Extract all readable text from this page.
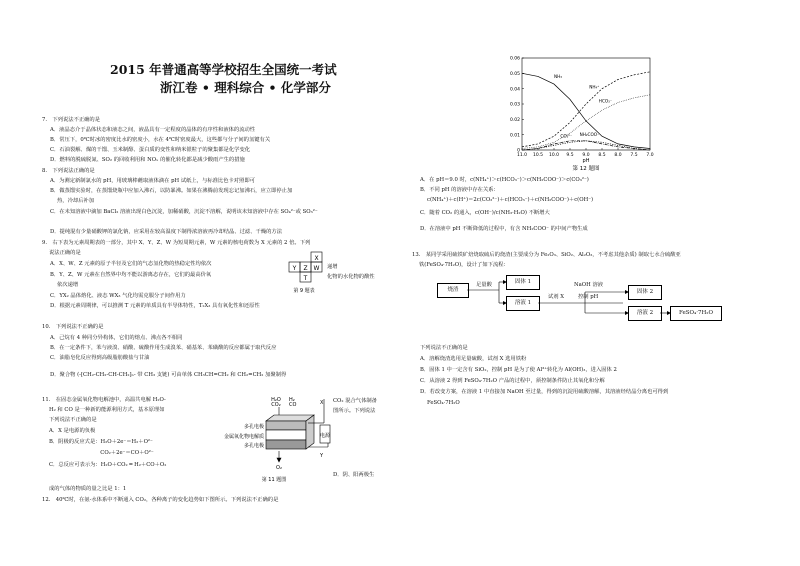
2015 年普通高等学校招生全国统一考试
浙江卷 • 理科综合 • 化学部分
7.　下列说法不正确的是
A．液晶态介于晶体状态和液态之间，液晶具有一定程度的晶体的有序性和液体的流动性
B．常压下，0℃时冰的密度比水的密度小，水在 4℃时密度最大，这些都与分子间的氢键有关
C．石油裂解、煤的干馏、玉米制醇、蛋白质的变性和纳米银粒子的聚集都是化学变化
D．燃料的脱硫脱氮、SO₂ 的回收利用和 NOₓ 的催化转化都是减少酸雨产生的措施
8.　下列说法正确的是
A．为测定新制氯水的 pH，用玻璃棒蘸取液体滴在 pH 试纸上，与标准比色卡对照即可
B．做蒸馏实验时，在蒸馏烧瓶中应加入沸石，以防暴沸。如果在沸腾前发现忘记加沸石，应立即停止加
　 热，冷却后补加
C．在未知溶液中滴加 BaCl₂ 溶液出现白色沉淀，加稀硝酸，沉淀不溶解，说明该未知溶液中存在 SO₄²⁻或 SO₃²⁻
D．提纯混有少量硝酸钾的氯化钠，应采用在较高温度下制得浓溶液再冷却结晶、过滤、干燥的方法
9.　右下表为元素周期表的一部分，其中 X、Y、Z、W 为短周期元素，W 元素的核电荷数为 X 元素的 2 倍。下列
　 说法正确的是
A．X、W、Z 元素的原子半径及它们的气态氢化物的热稳定性均依次
B．Y、Z、W 元素在自然界中均不能以游离态存在，它们的最高价氧
　 依次递增
C．YX₂ 晶体熔化、液态 WX₃ 气化均需克服分子间作用力
D．根据元素周期律，可以推测 T 元素的单质具有半导体特性，T₂X₃ 具有氧化性和还原性
递增
化物的水化物的酸性
X
Y Z W
T
第 9 题表
10.　下列说法不正确的是
A．己烷有 4 种同分异构体，它们的熔点、沸点各不相同
B．在一定条件下，苯与液溴、硝酸、硫酸作用生成溴苯、硝基苯、苯磺酸的反应都属于取代反应
C．油脂皂化反应得到高级脂肪酸盐与甘油
D．聚合物 (-[CH₂-CH₂-CH-CH₂]ₙ- 带 CH₃ 支链) 可由单体 CH₃CH=CH₂ 和 CH₂=CH₂ 加聚制得
11.　在固态金属氧化物电解池中，高温共电解 H₂O-
　 H₂ 和 CO 是一种新的能源利用方式，基本原理如
　 下列说法不正确的是
　 A．X 是电源的负极
　 B．阴极的反应式是：H₂O＋2e⁻＝H₂＋O²⁻
　　　　　　　　　　　CO₂＋2e⁻＝CO＋O²⁻
　 C．总反应可表示为：H₂O＋CO₂ ═ H₂＋CO＋O₂
　 成的气体的物质的量之比是 1：1
CO₂ 混合气体制备
图所示。下列说法
D．阴、阳两极生
H₂O
CO₂
H₂
CO
多孔电极
金属氧化物电解质
多孔电极
X
Y
电源
O₂
第 11 题图
12.　40℃时，在氨-水体系中不断通入 CO₂，各种离子的变化趋势如下图所示。下列说法不正确的是
0
0.01
0.02
0.03
0.04
0.05
0.06
11.0 10.5 10.0 9.5 9.0 8.5 8.0 7.5 7.0
pH
NH₃
NH₄⁺
HCO₃⁻
CO₃²⁻ NH₂COO⁻
第 12 题图
A．在 pH＝9.0 时，c(NH₄⁺)＞c(HCO₃⁻)＞c(NH₂COO⁻)＞c(CO₃²⁻)
B．不同 pH 的溶液中存在关系：
　 c(NH₄⁺)＋c(H⁺)＝2c(CO₃²⁻)＋c(HCO₃⁻)＋c(NH₂COO⁻)＋c(OH⁻)
C．随着 CO₂ 的通入，c(OH⁻)/c(NH₃·H₂O) 不断增大
D．在溶液中 pH 不断降低的过程中，有含 NH₂COO⁻ 的中间产物生成
13.　某同学采用硫铁矿焙烧取硫后的烧渣(主要成分为 Fe₂O₃、SiO₂、Al₂O₃，不考虑其他杂质) 制取七水合硫酸亚
　 铁(FeSO₄·7H₂O)，设计了如下流程：
烧渣
足量酸	固体 1
溶液 1
试剂 X
NaOH 溶液
控制 pH
固体 2
溶液 2	FeSO₄·7H₂O
下列说法不正确的是
A．溶解烧渣选用足量硫酸，试剂 X 选用铁粉
B．固体 1 中一定含有 SiO₂，控制 pH 是为了使 Al³⁺转化为 Al(OH)₃，进入固体 2
C．从溶液 2 得到 FeSO₄·7H₂O 产品的过程中，须控制条件防止其氧化和分解
D．若改变方案，在溶液 1 中直接加 NaOH 至过量，得到的沉淀用硫酸溶解，其溶液经结晶分离也可得到
　 FeSO₄·7H₂O
